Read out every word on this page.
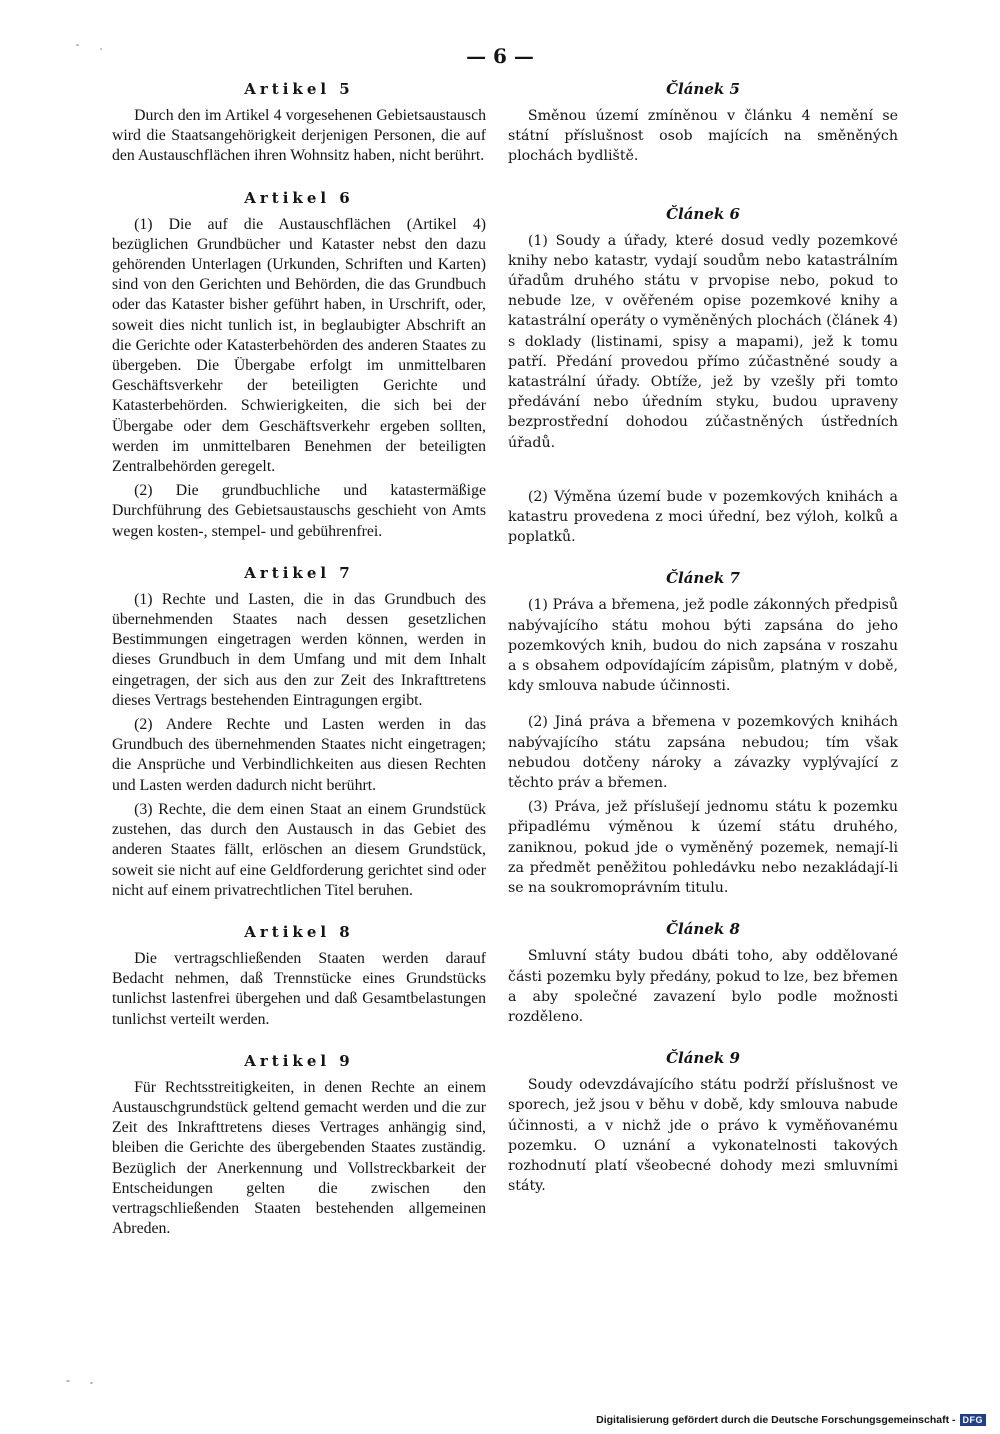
— 6 —
Artikel 5

Durch den im Artikel 4 vorgesehenen Gebietsaustausch wird die Staatsangehörigkeit derjenigen Personen, die auf den Austauschflächen ihren Wohnsitz haben, nicht berührt.

Artikel 6

(1) Die auf die Austauschflächen (Artikel 4) bezüglichen Grundbücher und Kataster nebst den dazu gehörenden Unterlagen (Urkunden, Schriften und Karten) sind von den Gerichten und Behörden, die das Grundbuch oder das Kataster bisher geführt haben, in Urschrift, oder, soweit dies nicht tunlich ist, in beglaubigter Abschrift an die Gerichte oder Katasterbehörden des anderen Staates zu übergeben. Die Übergabe erfolgt im unmittelbaren Geschäftsverkehr der beteiligten Gerichte und Katasterbehörden. Schwierigkeiten, die sich bei der Übergabe oder dem Geschäftsverkehr ergeben sollten, werden im unmittelbaren Benehmen der beteiligten Zentralbehörden geregelt.

(2) Die grundbuchliche und katastermäßige Durchführung des Gebietsaustauschs geschieht von Amts wegen kosten-, stempel- und gebührenfrei.

Artikel 7

(1) Rechte und Lasten, die in das Grundbuch des übernehmenden Staates nach dessen gesetzlichen Bestimmungen eingetragen werden können, werden in dieses Grundbuch in dem Umfang und mit dem Inhalt eingetragen, der sich aus den zur Zeit des Inkrafttretens dieses Vertrags bestehenden Eintragungen ergibt.

(2) Andere Rechte und Lasten werden in das Grundbuch des übernehmenden Staates nicht eingetragen; die Ansprüche und Verbindlichkeiten aus diesen Rechten und Lasten werden dadurch nicht berührt.

(3) Rechte, die dem einen Staat an einem Grundstück zustehen, das durch den Austausch in das Gebiet des anderen Staates fällt, erlöschen an diesem Grundstück, soweit sie nicht auf eine Geldforderung gerichtet sind oder nicht auf einem privatrechtlichen Titel beruhen.

Artikel 8

Die vertragschließenden Staaten werden darauf Bedacht nehmen, daß Trennstücke eines Grundstücks tunlichst lastenfrei übergehen und daß Gesamtbelastungen tunlichst verteilt werden.

Artikel 9

Für Rechtsstreitigkeiten, in denen Rechte an einem Austauschgrundstück geltend gemacht werden und die zur Zeit des Inkrafttretens dieses Vertrages anhängig sind, bleiben die Gerichte des übergebenden Staates zuständig. Bezüglich der Anerkennung und Vollstreckbarkeit der Entscheidungen gelten die zwischen den vertragschließenden Staaten bestehenden allgemeinen Abreden.

Článek 5

Směnou území zmíněnou v článku 4 nemění se státní příslušnost osob majících na směněných plochách bydliště.

Článek 6

(1) Soudy a úřady, které dosud vedly pozemkové knihy nebo katastr, vydají soudům nebo katastrálním úřadům druhého státu v prvopise nebo, pokud to nebude lze, v ověřeném opise pozemkové knihy a katastrální operáty o vyměněných plochách (článek 4) s doklady (listinami, spisy a mapami), jež k tomu patří. Předání provedou přímo zúčastněné soudy a katastrální úřady. Obtíže, jež by vzešly při tomto předávání nebo úředním styku, budou upraveny bezprostřední dohodou zúčastněných ústředních úřadů.

(2) Výměna území bude v pozemkových knihách a katastru provedena z moci úřední, bez výloh, kolků a poplatků.

Článek 7

(1) Práva a břemena, jež podle zákonných předpisů nabývajícího státu mohou býti zapsána do jeho pozemkových knih, budou do nich zapsána v roszahu a s obsahem odpovídajícím zápisům, platným v době, kdy smlouva nabude účinnosti.

(2) Jiná práva a břemena v pozemkových knihách nabývajícího státu zapsána nebudou; tím však nebudou dotčeny nároky a závazky vyplývající z těchto práv a břemen.

(3) Práva, jež příslušejí jednomu státu k pozemku připadlému výměnou k území státu druhého, zaniknou, pokud jde o vyměněný pozemek, nemají-li za předmět peněžitou pohledávku nebo nezakládají-li se na soukromoprávním titulu.

Článek 8

Smluvní státy budou dbáti toho, aby oddělované části pozemku byly předány, pokud to lze, bez břemen a aby společné zavazení bylo podle možnosti rozděleno.

Článek 9

Soudy odevzdávajícího státu podrží příslušnost ve sporech, jež jsou v běhu v době, kdy smlouva nabude účinnosti, a v nichž jde o právo k vyměňovanému pozemku. O uznání a vykonatelnosti takových rozhodnutí platí všeobecné dohody mezi smluvními státy.

Digitalisierung gefördert durch die Deutsche Forschungsgemeinschaft - DFG
